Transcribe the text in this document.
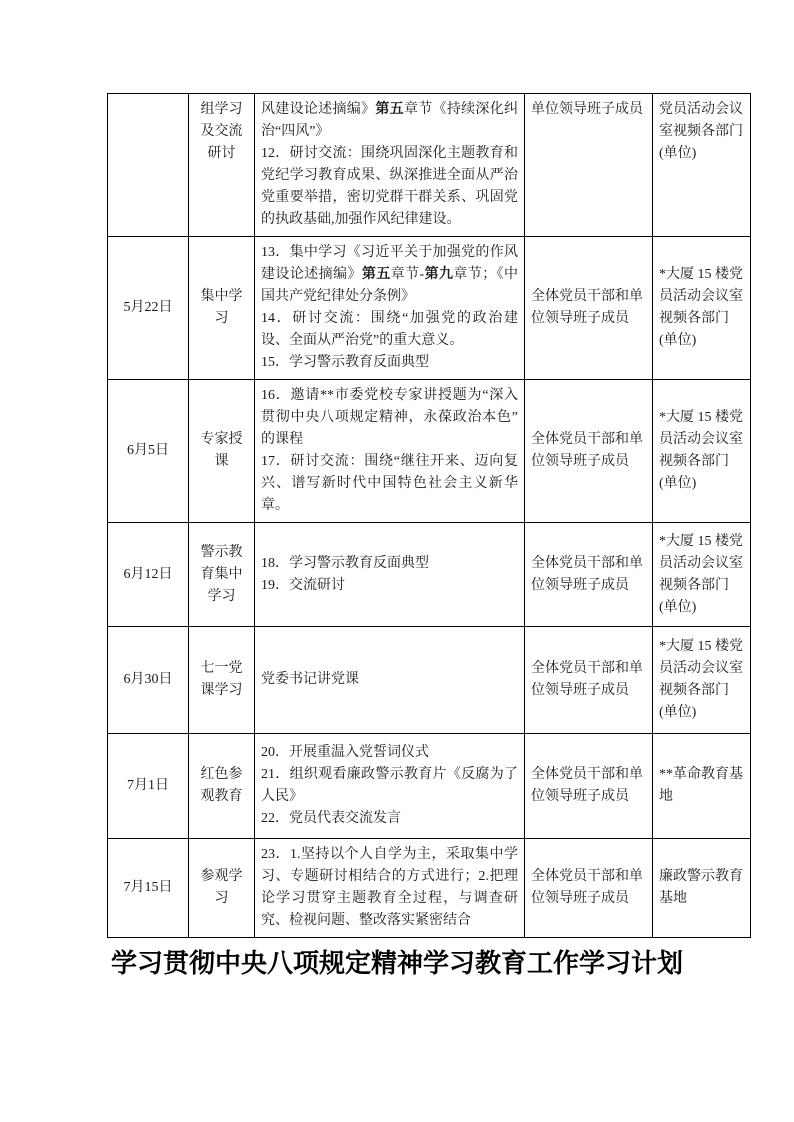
	组学习及交流研讨	风建设论述摘编》第五章节《持续深化纠治“四风”》

12．研讨交流：围绕巩固深化主题教育和党纪学习教育成果、纵深推进全面从严治党重要举措，密切党群干群关系、巩固党的执政基础,加强作风纪律建设。	单位领导班子成员	党员活动会议室视频各部门(单位)
5月22日	集中学习	13．集中学习《习近平关于加强党的作风建设论述摘编》第五章节-第九章节；《中国共产党纪律处分条例》

14．研讨交流：围绕“加强党的政治建设、全面从严治党”的重大意义。

15．学习警示教育反面典型	全体党员干部和单位领导班子成员	*大厦 15 楼党员活动会议室视频各部门(单位)
6月5日	专家授课	16．邀请**市委党校专家讲授题为“深入贯彻中央八项规定精神，永葆政治本色”的课程

17．研讨交流：围绕“继往开来、迈向复兴、谱写新时代中国特色社会主义新华章。	全体党员干部和单位领导班子成员	*大厦 15 楼党员活动会议室视频各部门(单位)
6月12日	警示教育集中学习	18．学习警示教育反面典型

19．交流研讨	全体党员干部和单位领导班子成员	*大厦 15 楼党员活动会议室视频各部门(单位)
6月30日	七一党课学习	党委书记讲党课	全体党员干部和单位领导班子成员	*大厦 15 楼党员活动会议室视频各部门(单位)
7月1日	红色参观教育	20．开展重温入党誓词仪式

21．组织观看廉政警示教育片《反腐为了人民》

22．党员代表交流发言	全体党员干部和单位领导班子成员	**革命教育基地
7月15日	参观学习	23．1.坚持以个人自学为主，采取集中学习、专题研讨相结合的方式进行；2.把理论学习贯穿主题教育全过程，与调查研究、检视问题、整改落实紧密结合	全体党员干部和单位领导班子成员	廉政警示教育基地
学习贯彻中央八项规定精神学习教育工作学习计划
